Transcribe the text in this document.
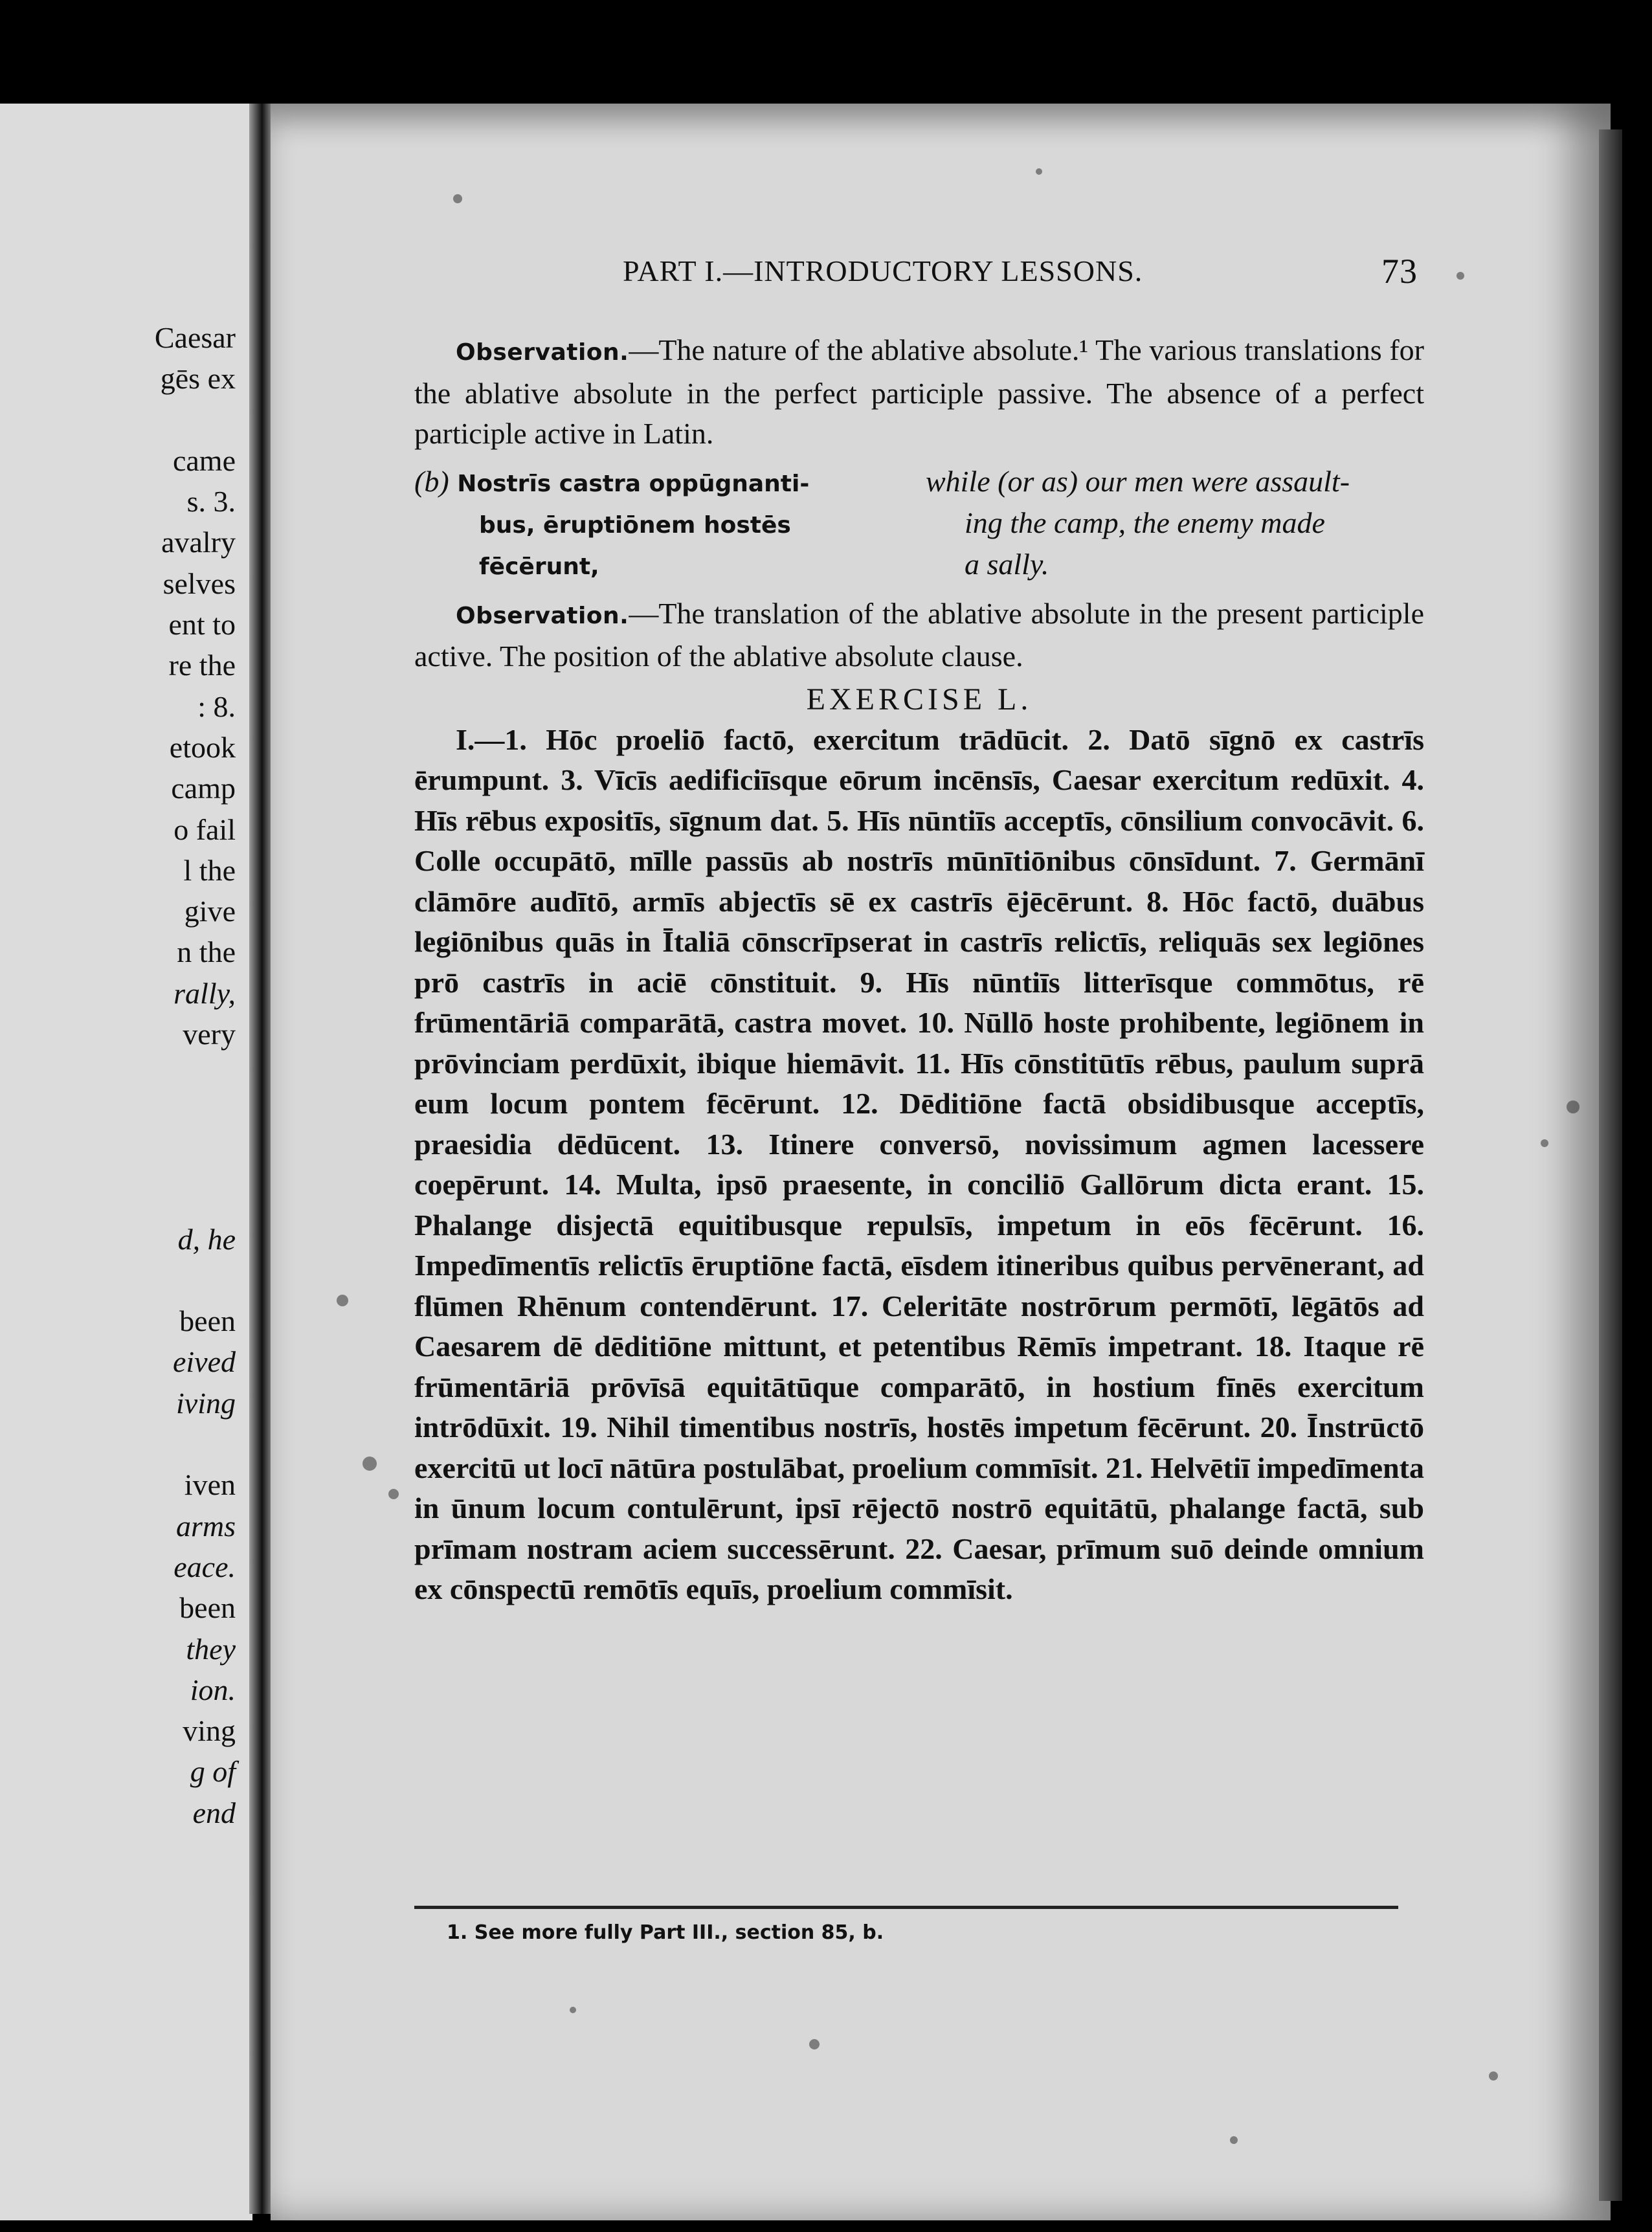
Caesar
gēs ex

came
s. 3.
avalry
selves
ent to
re the
: 8.
etook
camp
o fail
l the
give
n the
rally,
very

d, he

been
eived
iving

iven
arms
eace.
been
they
ion.
ving
g of
end
PART I.—INTRODUCTORY LESSONS.	73

Observation.—The nature of the ablative absolute.¹ The various translations for the ablative absolute in the perfect participle passive. The absence of a perfect participle active in Latin.

(b) Nostrīs castra oppūgnanti-
bus, ēruptiōnem hostēs
fēcērunt,
while (or as) our men were assault-
ing the camp, the enemy made
a sally.

Observation.—The translation of the ablative absolute in the present participle active. The position of the ablative absolute clause.

EXERCISE L.

I.—1. Hōc proeliō factō, exercitum trādūcit. 2. Datō sīgnō ex castrīs ērumpunt. 3. Vīcīs aedificiīsque eōrum incēnsīs, Caesar exercitum redūxit. 4. Hīs rēbus expositīs, sīgnum dat. 5. Hīs nūntiīs acceptīs, cōnsilium convocāvit. 6. Colle occupātō, mīlle passūs ab nostrīs mūnītiōnibus cōnsīdunt. 7. Germānī clāmōre audītō, armīs abjectīs sē ex castrīs ējēcērunt. 8. Hōc factō, duābus legiōnibus quās in Ītaliā cōnscrīpserat in castrīs relictīs, reliquās sex legiōnes prō castrīs in aciē cōnstituit. 9. Hīs nūntiīs litterīsque commōtus, rē frūmentāriā comparātā, castra movet. 10. Nūllō hoste prohibente, legiōnem in prōvinciam perdūxit, ibique hiemāvit. 11. Hīs cōnstitūtīs rēbus, paulum suprā eum locum pontem fēcērunt. 12. Dēditiōne factā obsidibusque acceptīs, praesidia dēdūcent. 13. Itinere conversō, novissimum agmen lacessere coepērunt. 14. Multa, ipsō praesente, in conciliō Gallōrum dicta erant. 15. Phalange disjectā equitibusque repulsīs, impetum in eōs fēcērunt. 16. Impedīmentīs relictīs ēruptiōne factā, eīsdem itineribus quibus pervēnerant, ad flūmen Rhēnum contendērunt. 17. Celeritāte nostrōrum permōtī, lēgātōs ad Caesarem dē dēditiōne mittunt, et petentibus Rēmīs impetrant. 18. Itaque rē frūmentāriā prōvīsā equitātūque comparātō, in hostium fīnēs exercitum intrōdūxit. 19. Nihil timentibus nostrīs, hostēs impetum fēcērunt. 20. Īnstrūctō exercitū ut locī nātūra postulābat, proelium commīsit. 21. Helvētiī impedīmenta in ūnum locum contulērunt, ipsī rējectō nostrō equitātū, phalange factā, sub prīmam nostram aciem successērunt. 22. Caesar, prīmum suō deinde omnium ex cōnspectū remōtīs equīs, proelium commīsit.

1. See more fully Part III., section 85, b.
